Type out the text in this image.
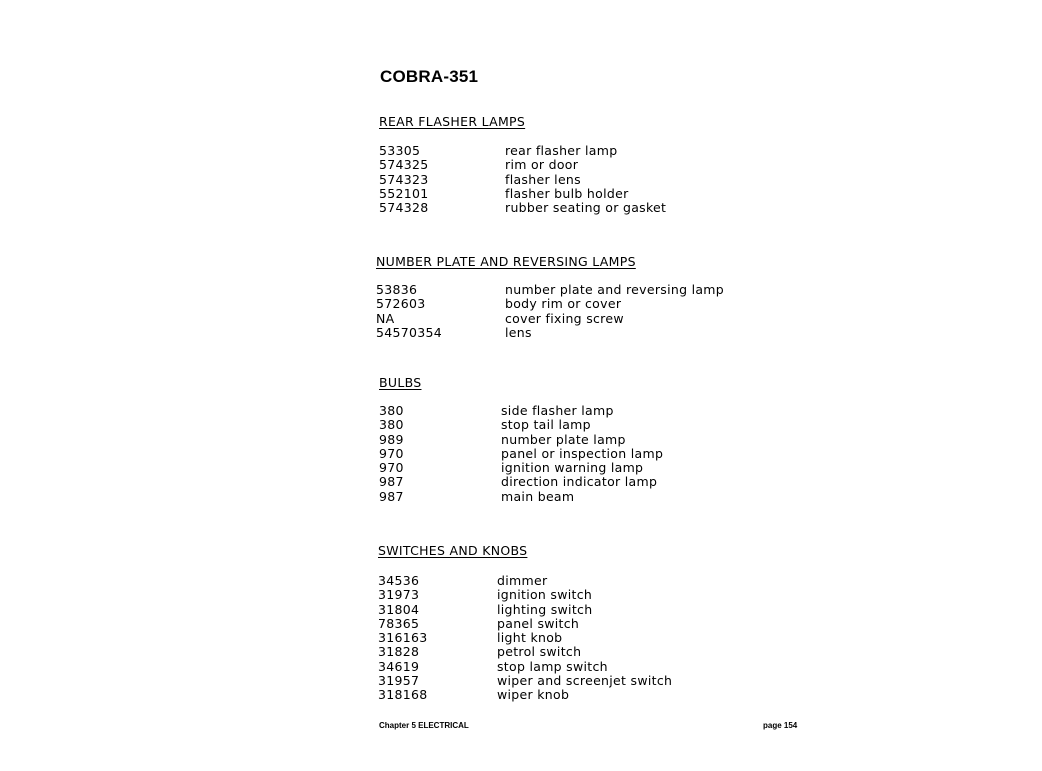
COBRA-351
REAR FLASHER LAMPS
53305	rear flasher lamp
574325	rim or door
574323	flasher lens
552101	flasher bulb holder
574328	rubber seating or gasket
NUMBER PLATE AND REVERSING LAMPS
53836	number plate and reversing lamp
572603	body rim or cover
NA	cover fixing screw
54570354	lens
BULBS
380	side flasher lamp
380	stop tail lamp
989	number plate lamp
970	panel or inspection lamp
970	ignition warning lamp
987	direction indicator lamp
987	main beam
SWITCHES AND KNOBS
34536	dimmer
31973	ignition switch
31804	lighting switch
78365	panel switch
316163	light knob
31828	petrol switch
34619	stop lamp switch
31957	wiper and screenjet switch
318168	wiper knob
Chapter 5 ELECTRICAL	page 154
